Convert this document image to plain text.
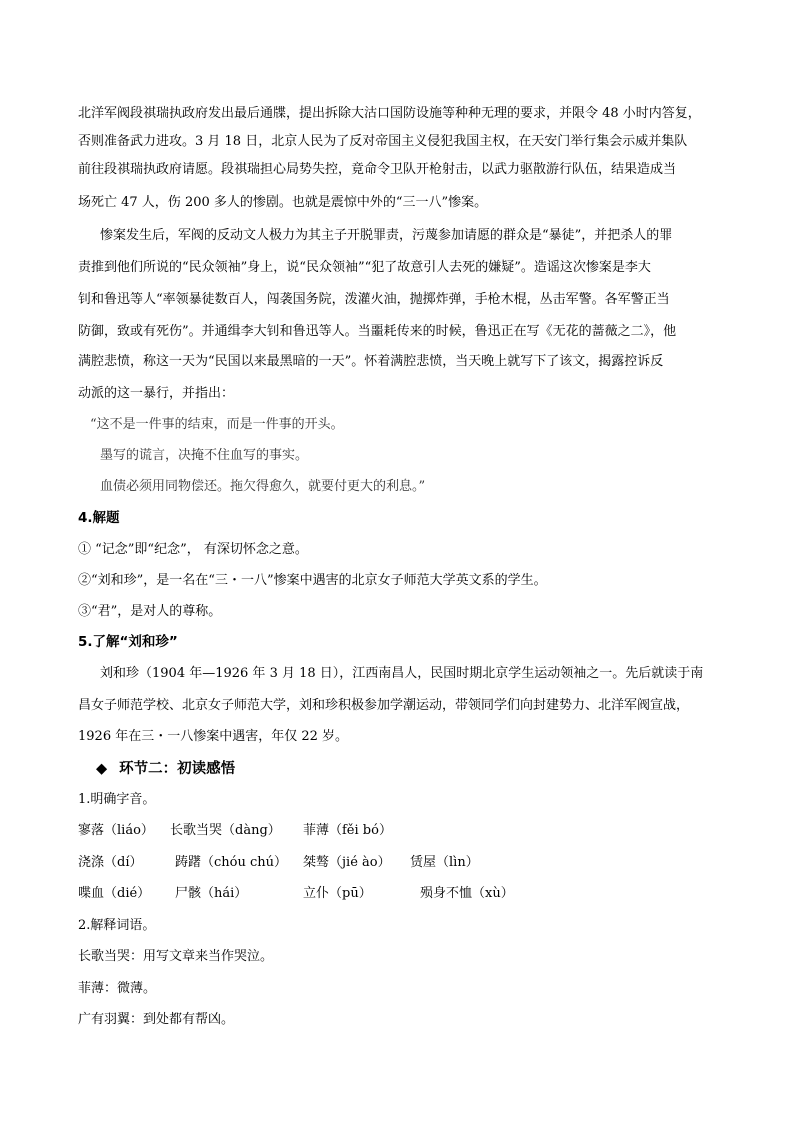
北洋军阀段祺瑞执政府发出最后通牒，提出拆除大沽口国防设施等种种无理的要求，并限令 48 小时内答复，
否则准备武力进攻。3 月 18 日，北京人民为了反对帝国主义侵犯我国主权，在天安门举行集会示威并集队
前往段祺瑞执政府请愿。段祺瑞担心局势失控，竟命令卫队开枪射击，以武力驱散游行队伍，结果造成当
场死亡 47 人，伤 200 多人的惨剧。也就是震惊中外的“三一八”惨案。
惨案发生后，军阀的反动文人极力为其主子开脱罪责，污蔑参加请愿的群众是“暴徒”，并把杀人的罪
责推到他们所说的“民众领袖”身上，说“民众领袖”“犯了故意引人去死的嫌疑”。造谣这次惨案是李大
钊和鲁迅等人“率领暴徒数百人，闯袭国务院，泼灌火油，抛掷炸弹，手枪木棍，丛击军警。各军警正当
防御，致或有死伤”。并通缉李大钊和鲁迅等人。当噩耗传来的时候，鲁迅正在写《无花的蔷薇之二》，他
满腔悲愤，称这一天为“民国以来最黑暗的一天”。怀着满腔悲愤，当天晚上就写下了该文，揭露控诉反
动派的这一暴行，并指出：
“这不是一件事的结束，而是一件事的开头。
墨写的谎言，决掩不住血写的事实。
血债必须用同物偿还。拖欠得愈久，就要付更大的利息。”
4.解题
① “记念”即“纪念”， 有深切怀念之意。
②“刘和珍”，是一名在“三・一八”惨案中遇害的北京女子师范大学英文系的学生。
③“君”，是对人的尊称。
5.了解“刘和珍”
刘和珍（1904 年—1926 年 3 月 18 日），江西南昌人，民国时期北京学生运动领袖之一。先后就读于南
昌女子师范学校、北京女子师范大学，刘和珍积极参加学潮运动，带领同学们向封建势力、北洋军阀宣战，
1926 年在三・一八惨案中遇害，年仅 22 岁。
◆ 环节二：初读感悟
1.明确字音。
寥落（liáo） 长歌当哭（dàng） 菲薄（fěi bó）
浇涤（dí）	踌躇（chóu chú） 桀骜（jié ào） 赁屋（lìn）
喋血（dié） 尸骸（hái）	立仆（pū）	殒身不恤（xù）
2.解释词语。
长歌当哭：用写文章来当作哭泣。
菲薄：微薄。
广有羽翼：到处都有帮凶。
